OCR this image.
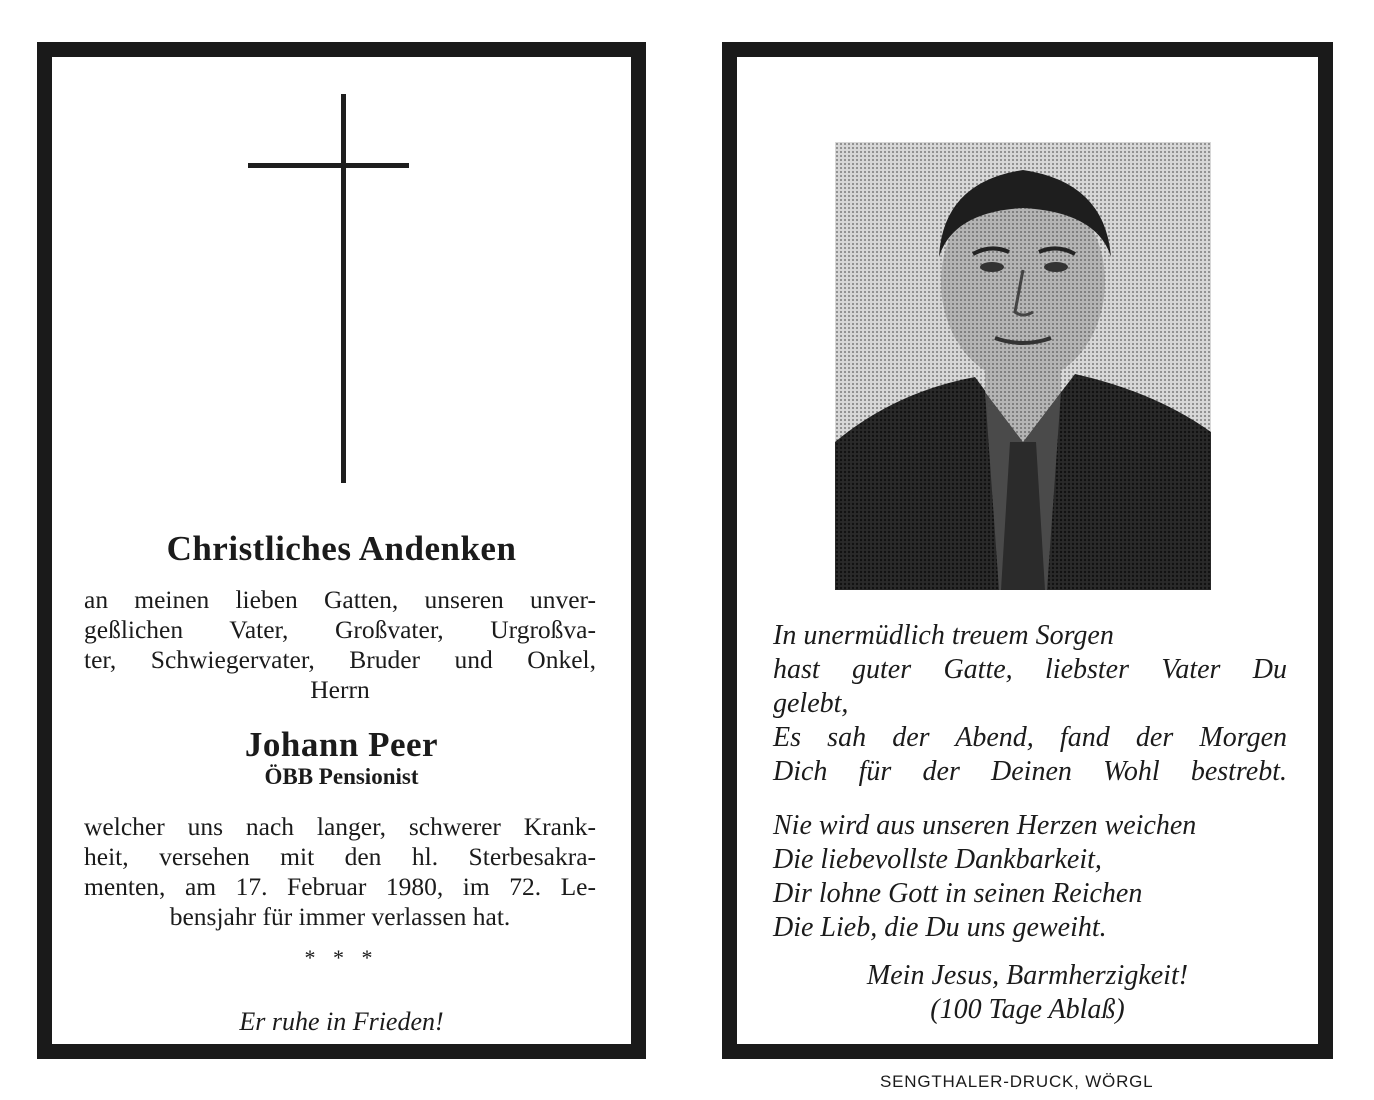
Christliches Andenken
an meinen lieben Gatten, unseren unver-
geßlichen Vater, Großvater, Urgroßva-
ter, Schwiegervater, Bruder und Onkel,
Herrn
Johann Peer
ÖBB Pensionist
welcher uns nach langer, schwerer Krank-
heit, versehen mit den hl. Sterbesakra-
menten, am 17. Februar 1980, im 72. Le-
bensjahr für immer verlassen hat.
* * *
Er ruhe in Frieden!
In unermüdlich treuem Sorgen
hast guter Gatte, liebster Vater Du
gelebt,
Es sah der Abend, fand der Morgen
Dich für der Deinen Wohl bestrebt.
Nie wird aus unseren Herzen weichen
Die liebevollste Dankbarkeit,
Dir lohne Gott in seinen Reichen
Die Lieb, die Du uns geweiht.
Mein Jesus, Barmherzigkeit!
(100 Tage Ablaß)
SENGTHALER-DRUCK, WÖRGL
